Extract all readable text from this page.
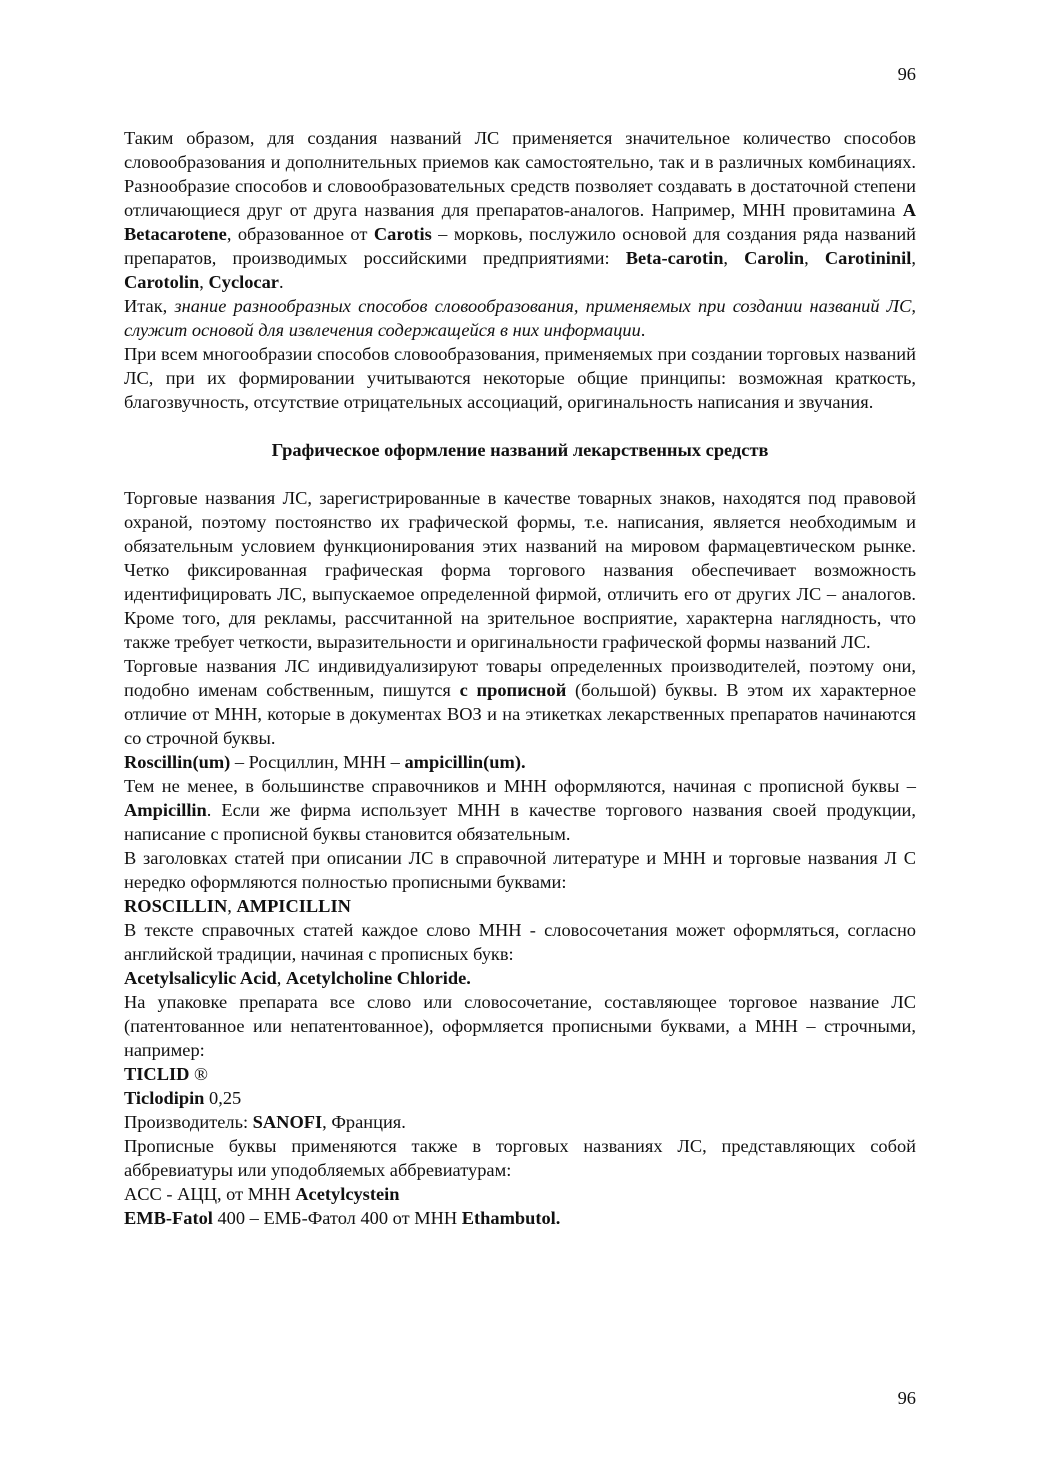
96

Таким образом, для создания названий ЛС применяется значительное количество способов словообразования и дополнительных приемов как самостоятельно, так и в различных комбинациях. Разнообразие способов и словообразовательных средств позволяет создавать в достаточной степени отличающиеся друг от друга названия для препаратов-аналогов. Например, МНН провитамина A Betacarotene, образованное от Carotis – морковь, послужило основой для создания ряда названий препаратов, производимых российскими предприятиями: Beta-carotin, Carolin, Carotininil, Carotolin, Cyclocar.

Итак, знание разнообразных способов словообразования, применяемых при создании названий ЛС, служит основой для извлечения содержащейся в них информации.

При всем многообразии способов словообразования, применяемых при создании торговых названий ЛС, при их формировании учитываются некоторые общие принципы: возможная краткость, благозвучность, отсутствие отрицательных ассоциаций, оригинальность написания и звучания.

Графическое оформление названий лекарственных средств

Торговые названия ЛС, зарегистрированные в качестве товарных знаков, находятся под правовой охраной, поэтому постоянство их графической формы, т.е. написания, является необходимым и обязательным условием функционирования этих названий на мировом фармацевтическом рынке. Четко фиксированная графическая форма торгового названия обеспечивает возможность идентифицировать ЛС, выпускаемое определенной фирмой, отличить его от других ЛС – аналогов. Кроме того, для рекламы, рассчитанной на зрительное восприятие, характерна наглядность, что также требует четкости, выразительности и оригинальности графической формы названий ЛС.

Торговые названия ЛС индивидуализируют товары определенных производителей, поэтому они, подобно именам собственным, пишутся с прописной (большой) буквы. В этом их характерное отличие от МНН, которые в документах ВОЗ и на этикетках лекарственных препаратов начинаются со строчной буквы.

Roscillin(um) – Росциллин, МНН – ampicillin(um).

Тем не менее, в большинстве справочников и МНН оформляются, начиная с прописной буквы – Ampicillin. Если же фирма использует МНН в качестве торгового названия своей продукции, написание с прописной буквы становится обязательным.

В заголовках статей при описании ЛС в справочной литературе и МНН и торговые названия Л С нередко оформляются полностью прописными буквами:

ROSCILLIN, AMPICILLIN

В тексте справочных статей каждое слово МНН - словосочетания может оформляться, согласно английской традиции, начиная с прописных букв:

Acetylsalicylic Acid, Acetylcholine Chloride.

На упаковке препарата все слово или словосочетание, составляющее торговое название ЛС (патентованное или непатентованное), оформляется прописными буквами, а МНН – строчными, например:

TICLID ®

Ticlodipin 0,25

Производитель: SANOFI, Франция.

Прописные буквы применяются также в торговых названиях ЛС, представляющих собой аббревиатуры или уподобляемых аббревиатурам:

ACC - АЦЦ, от МНН Acetylcystein

EMB-Fatol 400 – ЕМБ-Фатол 400 от МНН Ethambutol.

96
